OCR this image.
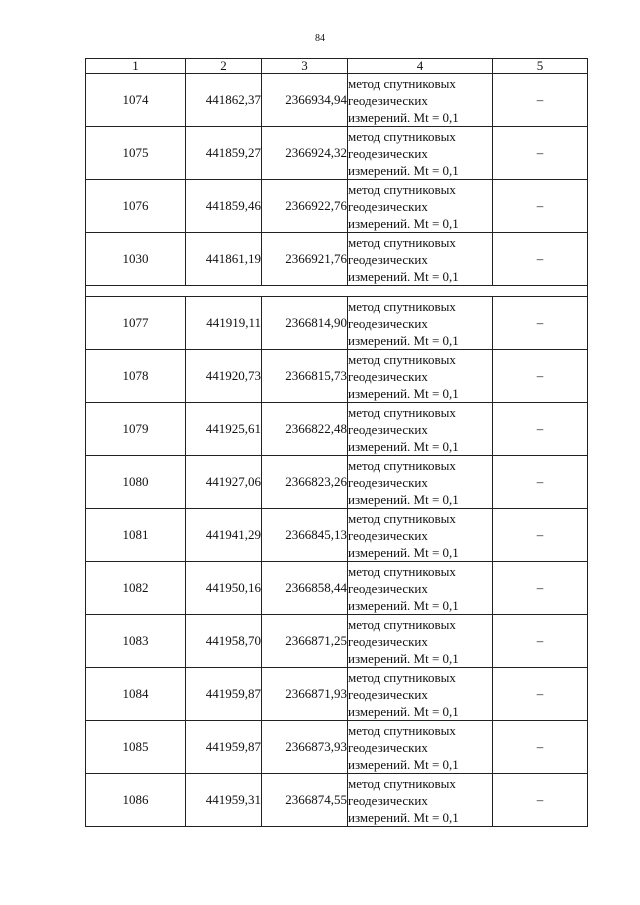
84
1	2	3	4	5
1074	441862,37	2366934,94	метод спутниковых
геодезических
измерений. Mt = 0,1	–
1075	441859,27	2366924,32	метод спутниковых
геодезических
измерений. Mt = 0,1	–
1076	441859,46	2366922,76	метод спутниковых
геодезических
измерений. Mt = 0,1	–
1030	441861,19	2366921,76	метод спутниковых
геодезических
измерений. Mt = 0,1	–

1077	441919,11	2366814,90	метод спутниковых
геодезических
измерений. Mt = 0,1	–
1078	441920,73	2366815,73	метод спутниковых
геодезических
измерений. Mt = 0,1	–
1079	441925,61	2366822,48	метод спутниковых
геодезических
измерений. Mt = 0,1	–
1080	441927,06	2366823,26	метод спутниковых
геодезических
измерений. Mt = 0,1	–
1081	441941,29	2366845,13	метод спутниковых
геодезических
измерений. Mt = 0,1	–
1082	441950,16	2366858,44	метод спутниковых
геодезических
измерений. Mt = 0,1	–
1083	441958,70	2366871,25	метод спутниковых
геодезических
измерений. Mt = 0,1	–
1084	441959,87	2366871,93	метод спутниковых
геодезических
измерений. Mt = 0,1	–
1085	441959,87	2366873,93	метод спутниковых
геодезических
измерений. Mt = 0,1	–
1086	441959,31	2366874,55	метод спутниковых
геодезических
измерений. Mt = 0,1	–
